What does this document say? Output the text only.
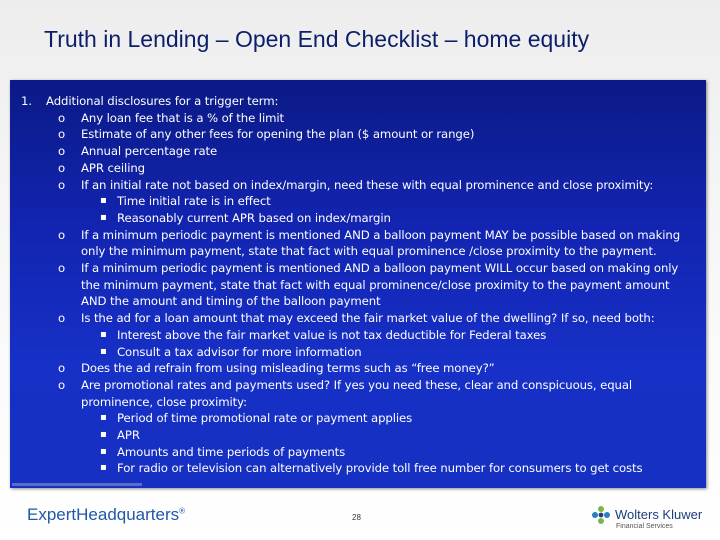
Truth in Lending – Open End Checklist – home equity
1. Additional disclosures for a trigger term:
o Any loan fee that is a % of the limit
o Estimate of any other fees for opening the plan ($ amount or range)
o Annual percentage rate
o APR ceiling
o If an initial rate not based on index/margin, need these with equal prominence and close proximity:
▪ Time initial rate is in effect
▪ Reasonably current APR based on index/margin
o If a minimum periodic payment is mentioned AND a balloon payment MAY be possible based on making only the minimum payment, state that fact with equal prominence /close proximity to the payment.
o If a minimum periodic payment is mentioned AND a balloon payment WILL occur based on making only the minimum payment, state that fact with equal prominence/close proximity to the payment amount AND the amount and timing of the balloon payment
o Is the ad for a loan amount that may exceed the fair market value of the dwelling? If so, need both:
▪ Interest above the fair market value is not tax deductible for Federal taxes
▪ Consult a tax advisor for more information
o Does the ad refrain from using misleading terms such as “free money?”
o Are promotional rates and payments used? If yes you need these, clear and conspicuous, equal prominence, close proximity:
▪ Period of time promotional rate or payment applies
▪ APR
▪ Amounts and time periods of payments
▪ For radio or television can alternatively provide toll free number for consumers to get costs
ExpertHeadquarters®
28	Wolters Kluwer
Financial Services
